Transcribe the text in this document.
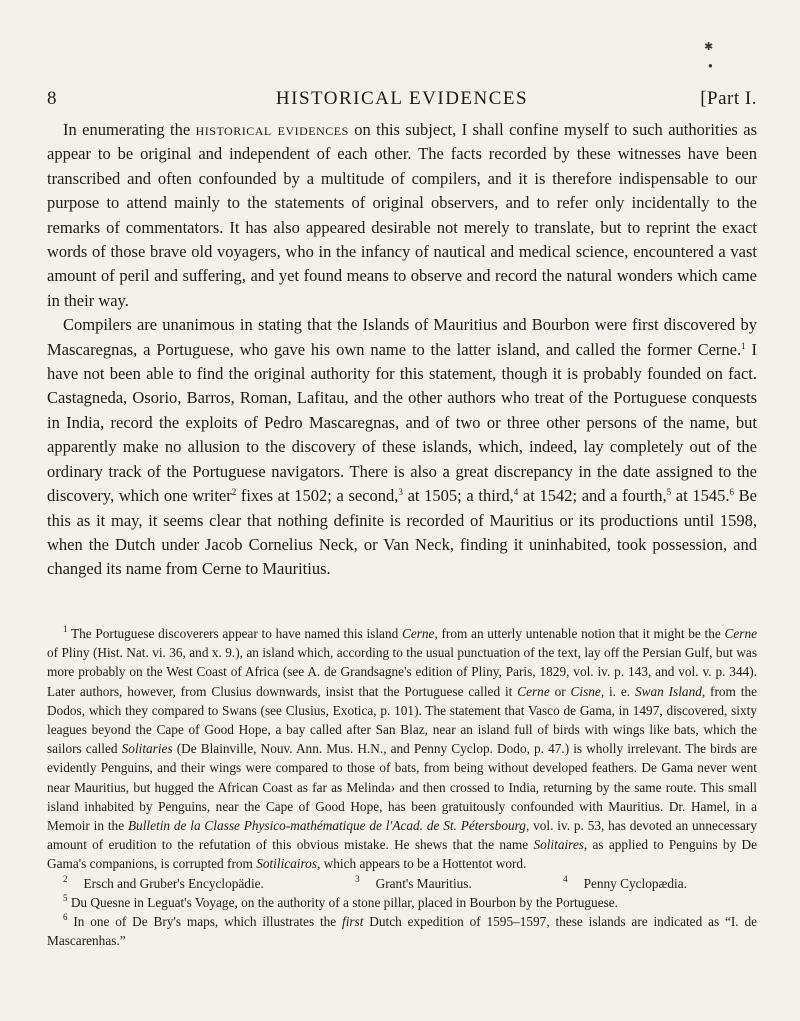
✱
●
8	HISTORICAL EVIDENCES	[Part I.

In enumerating the historical evidences on this subject, I shall confine myself to such authorities as appear to be original and independent of each other. The facts recorded by these witnesses have been transcribed and often confounded by a multitude of compilers, and it is therefore indispensable to our purpose to attend mainly to the statements of original observers, and to refer only incidentally to the remarks of commentators. It has also appeared desirable not merely to translate, but to reprint the exact words of those brave old voyagers, who in the infancy of nautical and medical science, encountered a vast amount of peril and suffering, and yet found means to observe and record the natural wonders which came in their way.

Compilers are unanimous in stating that the Islands of Mauritius and Bourbon were first discovered by Mascaregnas, a Portuguese, who gave his own name to the latter island, and called the former Cerne.$^1$ I have not been able to find the original authority for this statement, though it is probably founded on fact. Castagneda, Osorio, Barros, Roman, Lafitau, and the other authors who treat of the Portuguese conquests in India, record the exploits of Pedro Mascaregnas, and of two or three other persons of the name, but apparently make no allusion to the discovery of these islands, which, indeed, lay completely out of the ordinary track of the Portuguese navigators. There is also a great discrepancy in the date assigned to the discovery, which one writer$^2$ fixes at 1502; a second,$^3$ at 1505; a third,$^4$ at 1542; and a fourth,$^5$ at 1545.$^6$ Be this as it may, it seems clear that nothing definite is recorded of Mauritius or its productions until 1598, when the Dutch under Jacob Cornelius Neck, or Van Neck, finding it uninhabited, took possession, and changed its name from Cerne to Mauritius.

$^1$ The Portuguese discoverers appear to have named this island Cerne, from an utterly untenable notion that it might be the Cerne of Pliny (Hist. Nat. vi. 36, and x. 9.), an island which, according to the usual punctuation of the text, lay off the Persian Gulf, but was more probably on the West Coast of Africa (see A. de Grandsagne's edition of Pliny, Paris, 1829, vol. iv. p. 143, and vol. v. p. 344). Later authors, however, from Clusius downwards, insist that the Portuguese called it Cerne or Cisne, i. e. Swan Island, from the Dodos, which they compared to Swans (see Clusius, Exotica, p. 101). The statement that Vasco de Gama, in 1497, discovered, sixty leagues beyond the Cape of Good Hope, a bay called after San Blaz, near an island full of birds with wings like bats, which the sailors called Solitaries (De Blainville, Nouv. Ann. Mus. H.N., and Penny Cyclop. Dodo, p. 47.) is wholly irrelevant. The birds are evidently Penguins, and their wings were compared to those of bats, from being without developed feathers. De Gama never went near Mauritius, but hugged the African Coast as far as Melinda› and then crossed to India, returning by the same route. This small island inhabited by Penguins, near the Cape of Good Hope, has been gratuitously confounded with Mauritius. Dr. Hamel, in a Memoir in the Bulletin de la Classe Physico-mathématique de l'Acad. de St. Pétersbourg, vol. iv. p. 53, has devoted an unnecessary amount of erudition to the refutation of this obvious mistake. He shews that the name Solitaires, as applied to Penguins by De Gama's companions, is corrupted from Sotilicairos, which appears to be a Hottentot word.

$^2$Ersch and Gruber's Encyclopädie.	$^3$Grant's Mauritius.	$^4$Penny Cyclopædia.

$^5$ Du Quesne in Leguat's Voyage, on the authority of a stone pillar, placed in Bourbon by the Portuguese.

$^6$ In one of De Bry's maps, which illustrates the first Dutch expedition of 1595–1597, these islands are indicated as “I. de Mascarenhas.”
